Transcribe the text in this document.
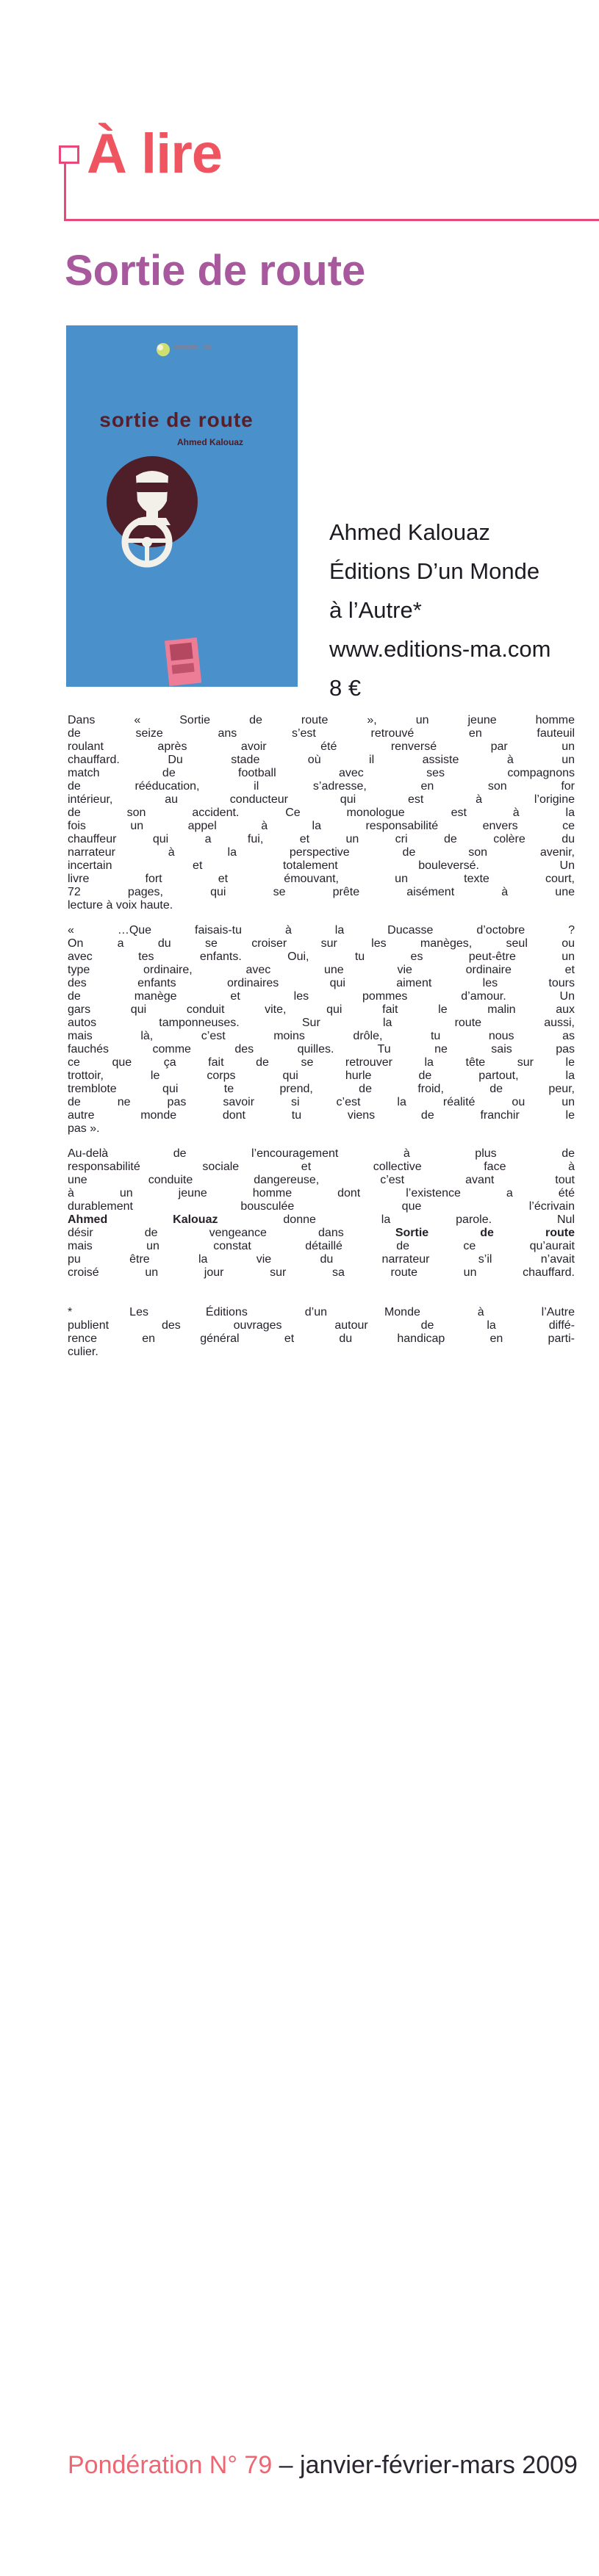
À lire
Sortie de route
sortie de route
Ahmed Kalouaz
Ahmed Kalouaz
Éditions D’un Monde
à l’Autre*
www.editions-ma.com
8 €

Dans « Sortie de route », un jeune homme
de seize ans s’est retrouvé en fauteuil
roulant après avoir été renversé par un
chauffard. Du stade où il assiste à un
match de football avec ses compagnons
de rééducation, il s’adresse, en son for
intérieur, au conducteur qui est à l’origine
de son accident. Ce monologue est à la
fois un appel à la responsabilité envers ce
chauffeur qui a fui, et un cri de colère du
narrateur à la perspective de son avenir,
incertain et totalement bouleversé. Un
livre fort et émouvant, un texte court,
72 pages, qui se prête aisément à une
lecture à voix haute.

« …Que faisais-tu à la Ducasse d’octobre ?
On a du se croiser sur les manèges, seul ou
avec tes enfants. Oui, tu es peut-être un
type ordinaire, avec une vie ordinaire et
des enfants ordinaires qui aiment les tours
de manège et les pommes d’amour. Un
gars qui conduit vite, qui fait le malin aux
autos tamponneuses. Sur la route aussi,
mais là, c’est moins drôle, tu nous as
fauchés comme des quilles. Tu ne sais pas
ce que ça fait de se retrouver la tête sur le
trottoir, le corps qui hurle de partout, la
tremblote qui te prend, de froid, de peur,
de ne pas savoir si c’est la réalité ou un
autre monde dont tu viens de franchir le
pas ».

Au-delà de l’encouragement à plus de
responsabilité sociale et collective face à
une conduite dangereuse, c’est avant tout
à un jeune homme dont l’existence a été
durablement bousculée que l’écrivain
Ahmed Kalouaz donne la parole. Nul
désir de vengeance dans Sortie de route
mais un constat détaillé de ce qu’aurait
pu être la vie du narrateur s’il n’avait
croisé un jour sur sa route un chauffard.

* Les Éditions d’un Monde à l’Autre
publient des ouvrages autour de la diffé-
rence en général et du handicap en parti-
culier.

Pondération N° 79 – janvier-février-mars 2009
